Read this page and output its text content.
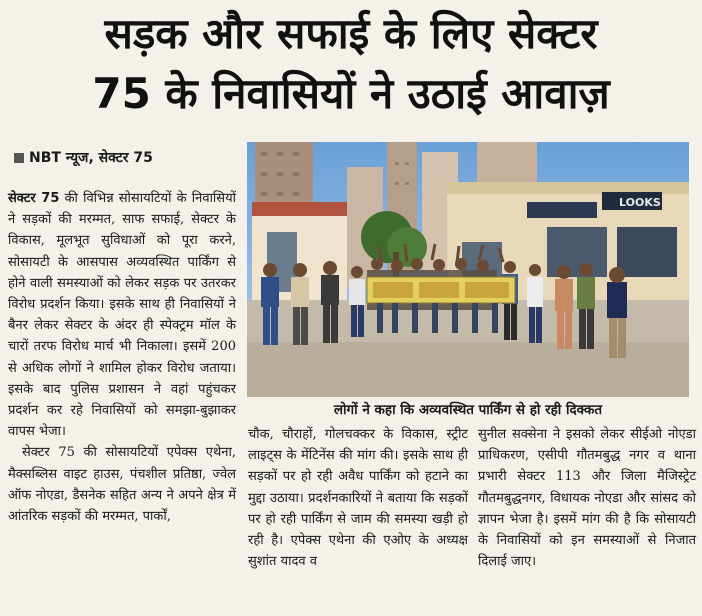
सड़क और सफाई के लिए सेक्टर
75 के निवासियों ने उठाई आवाज़
NBT न्यूज, सेक्टर 75

सेक्टर 75 की विभिन्न सोसायटियों के निवासियों ने सड़कों की मरम्मत, साफ सफाई, सेक्टर के विकास, मूलभूत सुविधाओं को पूरा करने, सोसायटी के आसपास अव्यवस्थित पार्किंग से होने वाली समस्याओं को लेकर सड़क पर उतरकर विरोध प्रदर्शन किया। इसके साथ ही निवासियों ने बैनर लेकर सेक्टर के अंदर ही स्पेक्ट्रम मॉल के चारों तरफ विरोध मार्च भी निकाला। इसमें 200 से अधिक लोगों ने शामिल होकर विरोध जताया। इसके बाद पुलिस प्रशासन ने वहां पहुंचकर प्रदर्शन कर रहे निवासियों को समझा-बुझाकर वापस भेजा।

सेक्टर 75 की सोसायटियों एपेक्स एथेना, मैक्सब्लिस वाइट हाउस, पंचशील प्रतिष्ठा, ज्वेल ऑफ नोएडा, डैसनेक सहित अन्य ने अपने क्षेत्र में आंतरिक सड़कों की मरम्मत, पार्कों,

LOOKS
लोगों ने कहा कि अव्यवस्थित पार्किंग से हो रही दिक्कत
चौक, चौराहों, गोलचक्कर के विकास, स्ट्रीट लाइट्स के मेंटिनेंस की मांग की। इसके साथ ही सड़कों पर हो रही अवैध पार्किंग को हटाने का मुद्दा उठाया। प्रदर्शनकारियों ने बताया कि सड़कों पर हो रही पार्किंग से जाम की समस्या खड़ी हो रही है। एपेक्स एथेना की एओए के अध्यक्ष सुशांत यादव व
सुनील सक्सेना ने इसको लेकर सीईओ नोएडा प्राधिकरण, एसीपी गौतमबुद्ध नगर व थाना प्रभारी सेक्टर 113 और जिला मैजिस्ट्रेट गौतमबुद्धनगर, विधायक नोएडा और सांसद को ज्ञापन भेजा है। इसमें मांग की है कि सोसायटी के निवासियों को इन समस्याओं से निजात दिलाई जाए।
